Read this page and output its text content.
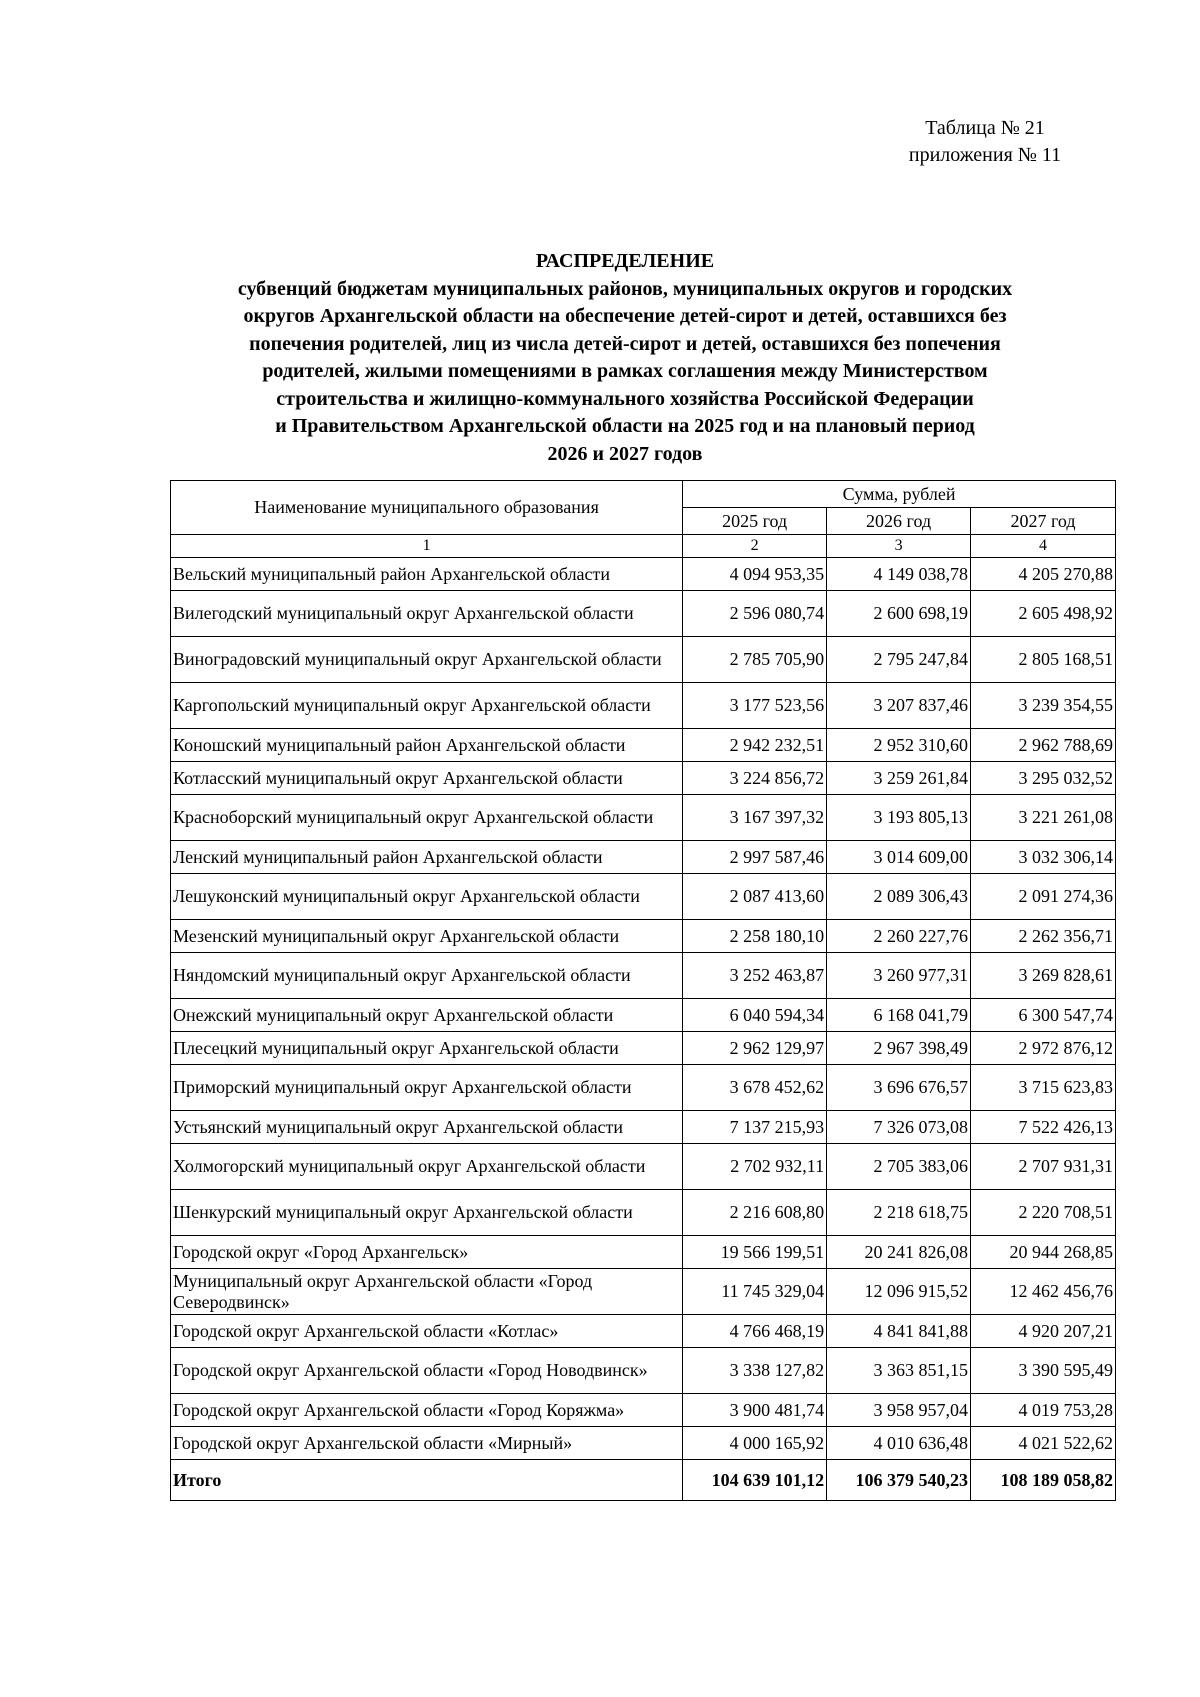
Таблица № 21
приложения № 11
РАСПРЕДЕЛЕНИЕ
субвенций бюджетам муниципальных районов, муниципальных округов и городских
округов Архангельской области на обеспечение детей-сирот и детей, оставшихся без
попечения родителей, лиц из числа детей-сирот и детей, оставшихся без попечения
родителей, жилыми помещениями в рамках соглашения между Министерством
строительства и жилищно-коммунального хозяйства Российской Федерации
и Правительством Архангельской области на 2025 год и на плановый период
2026 и 2027 годов
Наименование муниципального образования	Сумма, рублей		
	2025 год	2026 год	2027 год
1	2	3	4
Вельский муниципальный район Архангельской области	4 094 953,35	4 149 038,78	4 205 270,88
Вилегодский муниципальный округ Архангельской области	2 596 080,74	2 600 698,19	2 605 498,92
Виноградовский муниципальный округ Архангельской области	2 785 705,90	2 795 247,84	2 805 168,51
Каргопольский муниципальный округ Архангельской области	3 177 523,56	3 207 837,46	3 239 354,55
Коношский муниципальный район Архангельской области	2 942 232,51	2 952 310,60	2 962 788,69
Котласский муниципальный округ Архангельской области	3 224 856,72	3 259 261,84	3 295 032,52
Красноборский муниципальный округ Архангельской области	3 167 397,32	3 193 805,13	3 221 261,08
Ленский муниципальный район Архангельской области	2 997 587,46	3 014 609,00	3 032 306,14
Лешуконский муниципальный округ Архангельской области	2 087 413,60	2 089 306,43	2 091 274,36
Мезенский муниципальный округ Архангельской области	2 258 180,10	2 260 227,76	2 262 356,71
Няндомский муниципальный округ Архангельской области	3 252 463,87	3 260 977,31	3 269 828,61
Онежский муниципальный округ Архангельской области	6 040 594,34	6 168 041,79	6 300 547,74
Плесецкий муниципальный округ Архангельской области	2 962 129,97	2 967 398,49	2 972 876,12
Приморский муниципальный округ Архангельской области	3 678 452,62	3 696 676,57	3 715 623,83
Устьянский муниципальный округ Архангельской области	7 137 215,93	7 326 073,08	7 522 426,13
Холмогорский муниципальный округ Архангельской области	2 702 932,11	2 705 383,06	2 707 931,31
Шенкурский муниципальный округ Архангельской области	2 216 608,80	2 218 618,75	2 220 708,51
Городской округ «Город Архангельск»	19 566 199,51	20 241 826,08	20 944 268,85
Муниципальный округ Архангельской области «Город Северодвинск»	11 745 329,04	12 096 915,52	12 462 456,76
Городской округ Архангельской области «Котлас»	4 766 468,19	4 841 841,88	4 920 207,21
Городской округ Архангельской области «Город Новодвинск»	3 338 127,82	3 363 851,15	3 390 595,49
Городской округ Архангельской области «Город Коряжма»	3 900 481,74	3 958 957,04	4 019 753,28
Городской округ Архангельской области «Мирный»	4 000 165,92	4 010 636,48	4 021 522,62
Итого	104 639 101,12	106 379 540,23	108 189 058,82
